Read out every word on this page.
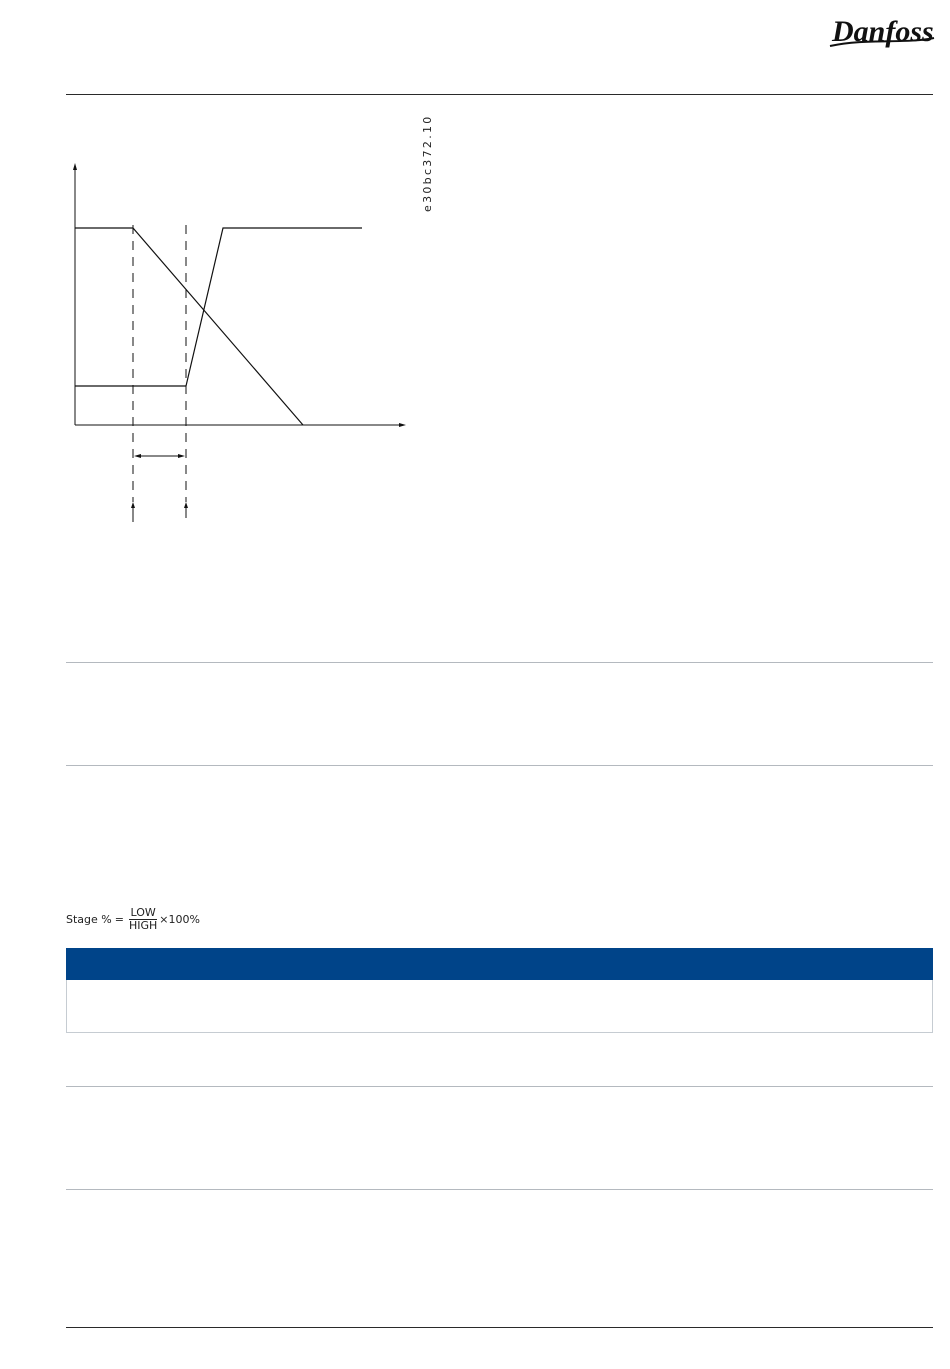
Danfoss
e30bc372.10
Stage % = $\frac{\text{LOW}}{\text{HIGH}} \times 100\%$
